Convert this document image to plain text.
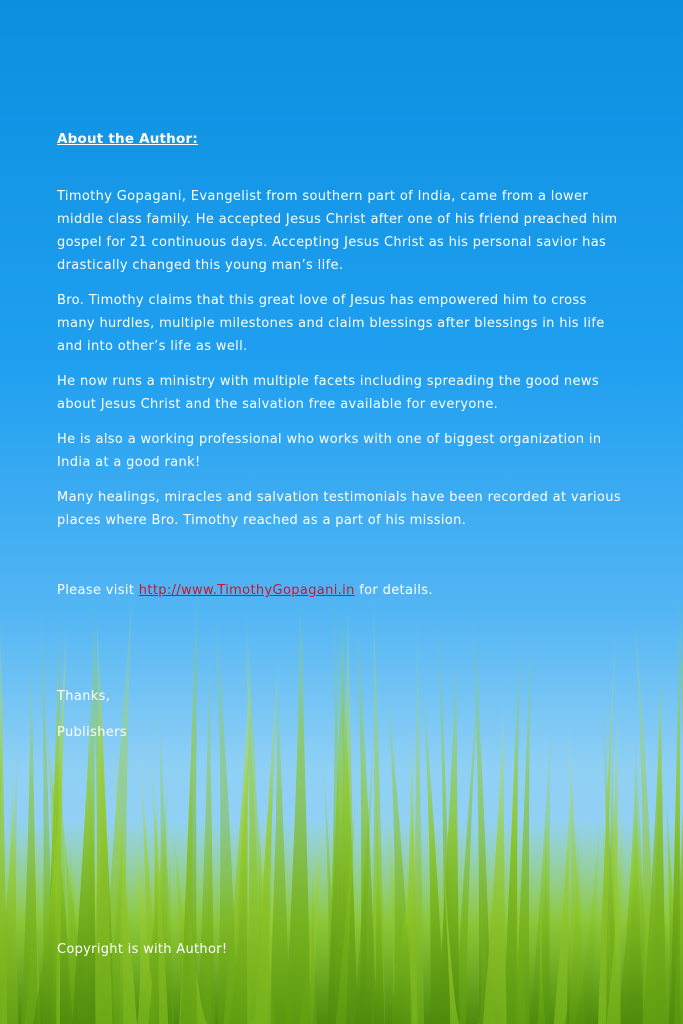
About the Author:

Timothy Gopagani, Evangelist from southern part of India, came from a lower middle class family. He accepted Jesus Christ after one of his friend preached him gospel for 21 continuous days. Accepting Jesus Christ as his personal savior has drastically changed this young man’s life.

Bro. Timothy claims that this great love of Jesus has empowered him to cross many hurdles, multiple milestones and claim blessings after blessings in his life and into other’s life as well.

He now runs a ministry with multiple facets including spreading the good news about Jesus Christ and the salvation free available for everyone.

He is also a working professional who works with one of biggest organization in India at a good rank!

Many healings, miracles and salvation testimonials have been recorded at various places where Bro. Timothy reached as a part of his mission.

Please visit http://www.TimothyGopagani.in for details.

Thanks,

Publishers

Copyright is with Author!
